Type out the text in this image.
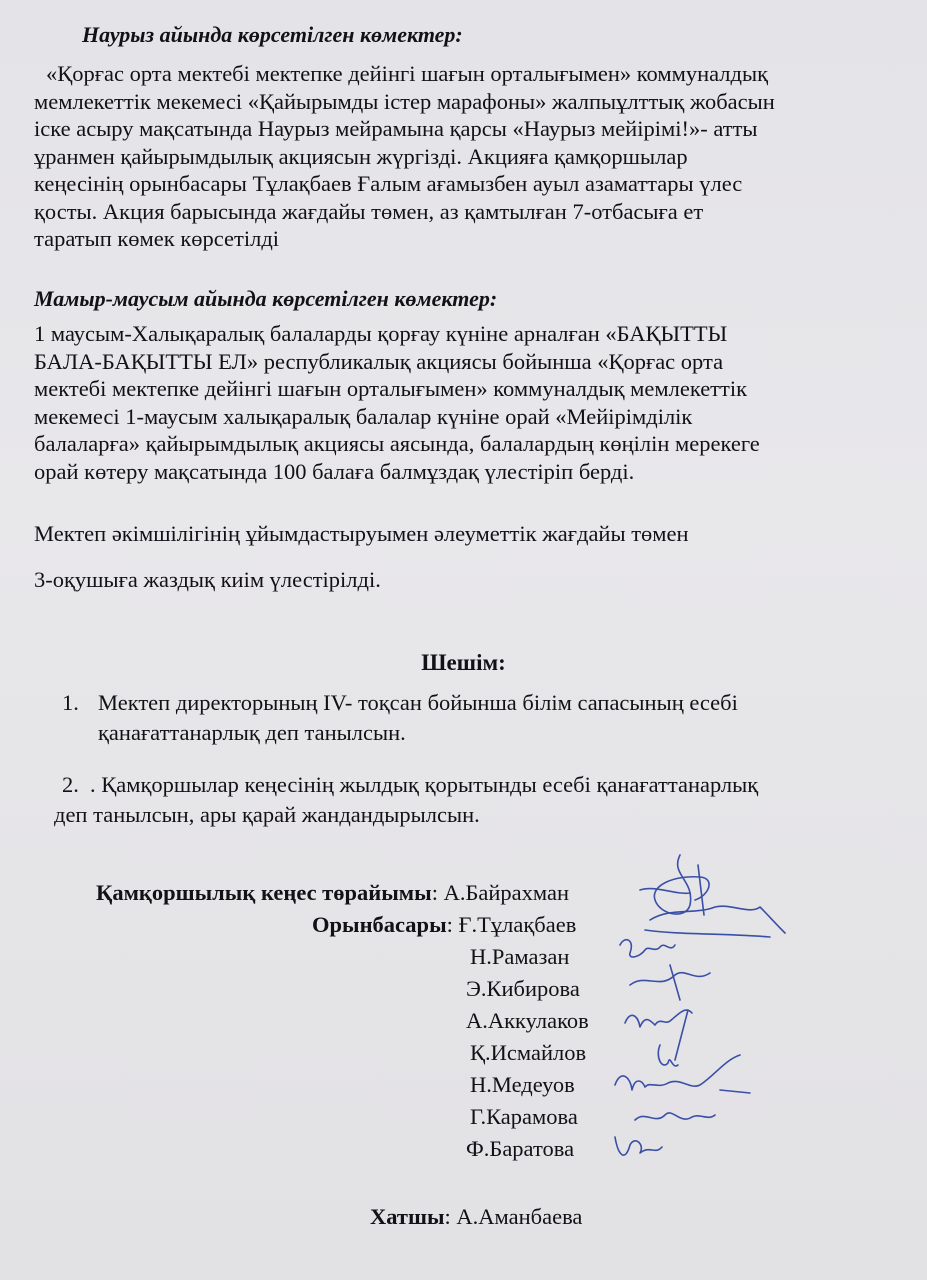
Наурыз айында көрсетілген көмектер:
«Қорғас орта мектебі мектепке дейінгі шағын орталығымен» коммуналдық
мемлекеттік мекемесі «Қайырымды істер марафоны» жалпыұлттық жобасын
іске асыру мақсатында Наурыз мейрамына қарсы «Наурыз мейірімі!»- атты
ұранмен қайырымдылық акциясын жүргізді. Акцияға қамқоршылар
кеңесінің орынбасары Тұлақбаев Ғалым ағамызбен ауыл азаматтары үлес
қосты. Акция барысында жағдайы төмен, аз қамтылған 7-отбасыға ет
таратып көмек көрсетілді
Мамыр-маусым айында көрсетілген көмектер:
1 маусым-Халықаралық балаларды қорғау күніне арналған «БАҚЫТТЫ
БАЛА-БАҚЫТТЫ ЕЛ» республикалық акциясы бойынша «Қорғас орта
мектебі мектепке дейінгі шағын орталығымен» коммуналдық мемлекеттік
мекемесі 1-маусым халықаралық балалар күніне орай «Мейірімділік
балаларға» қайырымдылық акциясы аясында, балалардың көңілін мерекеге
орай көтеру мақсатында 100 балаға балмұздақ үлестіріп берді.
Мектеп әкімшілігінің ұйымдастыруымен әлеуметтік жағдайы төмен
3-оқушыға жаздық киім үлестірілді.
Шешім:
1. Мектеп директорының IV- тоқсан бойынша білім сапасының есебі
қанағаттанарлық деп танылсын.
2. . Қамқоршылар кеңесінің жылдық қорытынды есебі қанағаттанарлық
деп танылсын, ары қарай жандандырылсын.
Қамқоршылық кеңес төрайымы: А.Байрахман
Орынбасары: Ғ.Тұлақбаев
Н.Рамазан
Э.Кибирова
А.Аккулаков
Қ.Исмайлов
Н.Медеуов
Г.Карамова
Ф.Баратова
Хатшы: А.Аманбаева
